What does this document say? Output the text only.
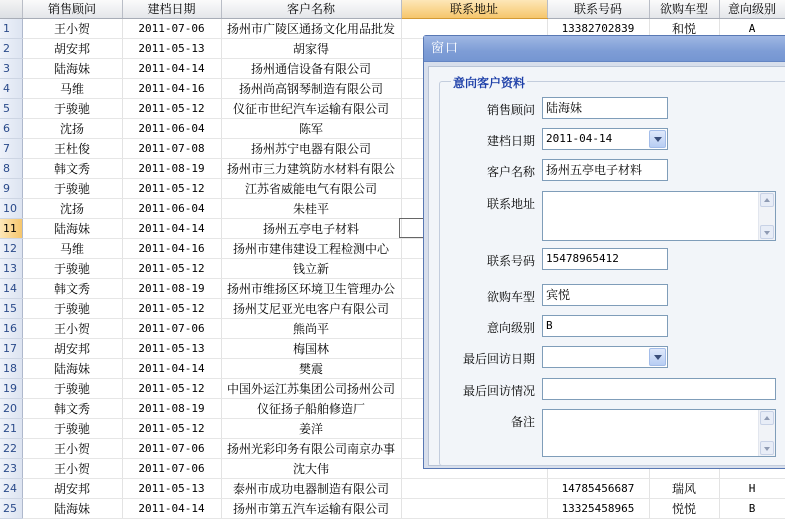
	销售顾问	建档日期	客户名称	联系地址	联系号码	欲购车型	意向级别
1	王小贺	2011-07-06	扬州市广陵区通扬文化用品批发		13382702839	和悦	A
2	胡安邦	2011-05-13	胡家得				
3	陆海妹	2011-04-14	扬州通信设备有限公司				
4	马维	2011-04-16	扬州尚高钢琴制造有限公司				
5	于骏驰	2011-05-12	仪征市世纪汽车运输有限公司				
6	沈扬	2011-06-04	陈军				
7	王杜俊	2011-07-08	扬州苏宁电器有限公司				
8	韩文秀	2011-08-19	扬州市三力建筑防水材料有限公				
9	于骏驰	2011-05-12	江苏省威能电气有限公司				
10	沈扬	2011-06-04	朱桂平				
11	陆海妹	2011-04-14	扬州五亭电子材料				
12	马维	2011-04-16	扬州市建伟建设工程检测中心				
13	于骏驰	2011-05-12	钱立新				
14	韩文秀	2011-08-19	扬州市维扬区环境卫生管理办公				
15	于骏驰	2011-05-12	扬州艾尼亚光电客户有限公司				
16	王小贺	2011-07-06	熊尚平				
17	胡安邦	2011-05-13	梅国林				
18	陆海妹	2011-04-14	樊震				
19	于骏驰	2011-05-12	中国外运江苏集团公司扬州公司				
20	韩文秀	2011-08-19	仪征扬子船舶修造厂				
21	于骏驰	2011-05-12	姜洋				
22	王小贺	2011-07-06	扬州光彩印务有限公司南京办事				
23	王小贺	2011-07-06	沈大伟				
24	胡安邦	2011-05-13	泰州市成功电器制造有限公司		14785456687	瑞风	H
25	陆海妹	2011-04-14	扬州市第五汽车运输有限公司		13325458965	悦悦	B
窗口
意向客户资料
销售顾问 陆海妹
建档日期	2011-04-14
客户名称 扬州五亭电子材料
联系地址
联系号码	15478965412
欲购车型 宾悦
意向级别	B
最后回访日期
最后回访情况
备注
